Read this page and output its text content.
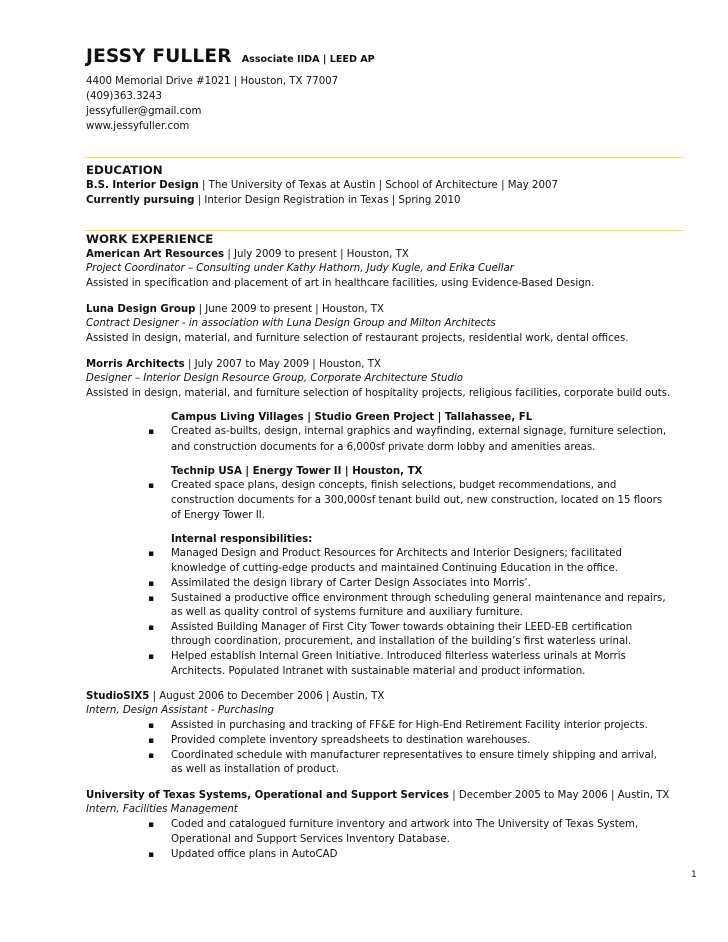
JESSY FULLER Associate IIDA | LEED AP
4400 Memorial Drive #1021 | Houston, TX 77007
(409)363.3243
jessyfuller@gmail.com
www.jessyfuller.com
EDUCATION
B.S. Interior Design | The University of Texas at Austin | School of Architecture | May 2007
Currently pursuing | Interior Design Registration in Texas | Spring 2010
WORK EXPERIENCE
American Art Resources | July 2009 to present | Houston, TX
Project Coordinator – Consulting under Kathy Hathorn, Judy Kugle, and Erika Cuellar
Assisted in specification and placement of art in healthcare facilities, using Evidence-Based Design.
Luna Design Group | June 2009 to present | Houston, TX
Contract Designer - in association with Luna Design Group and Milton Architects
Assisted in design, material, and furniture selection of restaurant projects, residential work, dental offices.
Morris Architects | July 2007 to May 2009 | Houston, TX
Designer – Interior Design Resource Group, Corporate Architecture Studio
Assisted in design, material, and furniture selection of hospitality projects, religious facilities, corporate build outs.
Campus Living Villages | Studio Green Project | Tallahassee, FL
▪ Created as-builts, design, internal graphics and wayfinding, external signage, furniture selection,
and construction documents for a 6,000sf private dorm lobby and amenities areas.
Technip USA | Energy Tower II | Houston, TX
▪ Created space plans, design concepts, finish selections, budget recommendations, and
construction documents for a 300,000sf tenant build out, new construction, located on 15 floors
of Energy Tower II.
Internal responsibilities:
▪ Managed Design and Product Resources for Architects and Interior Designers; facilitated
knowledge of cutting-edge products and maintained Continuing Education in the office.
▪ Assimilated the design library of Carter Design Associates into Morris’.
▪ Sustained a productive office environment through scheduling general maintenance and repairs,
as well as quality control of systems furniture and auxiliary furniture.
▪ Assisted Building Manager of First City Tower towards obtaining their LEED-EB certification
through coordination, procurement, and installation of the building’s first waterless urinal.
▪ Helped establish Internal Green Initiative. Introduced filterless waterless urinals at Morris
Architects. Populated Intranet with sustainable material and product information.
StudioSIX5 | August 2006 to December 2006 | Austin, TX
Intern, Design Assistant - Purchasing
▪ Assisted in purchasing and tracking of FF&E for High-End Retirement Facility interior projects.
▪ Provided complete inventory spreadsheets to destination warehouses.
▪ Coordinated schedule with manufacturer representatives to ensure timely shipping and arrival,
as well as installation of product.
University of Texas Systems, Operational and Support Services | December 2005 to May 2006 | Austin, TX
Intern, Facilities Management
▪ Coded and catalogued furniture inventory and artwork into The University of Texas System,
Operational and Support Services Inventory Database.
▪ Updated office plans in AutoCAD
1
